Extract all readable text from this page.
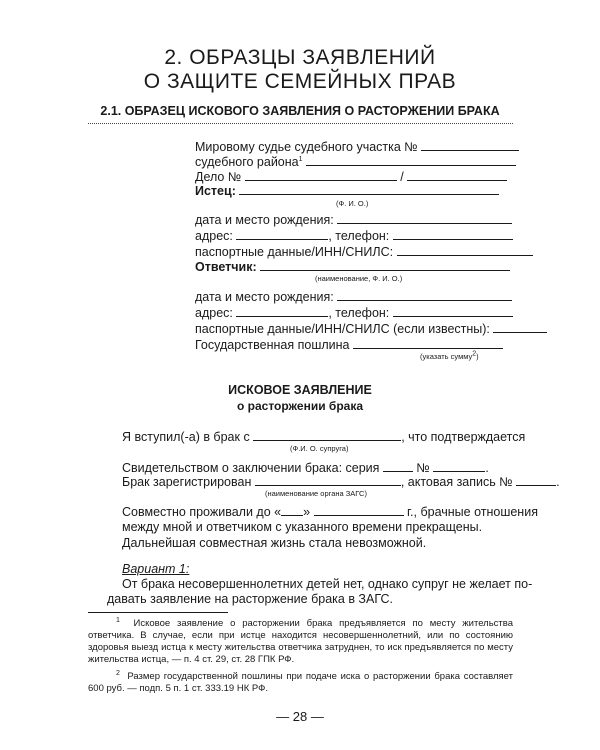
2. ОБРАЗЦЫ ЗАЯВЛЕНИЙ
О ЗАЩИТЕ СЕМЕЙНЫХ ПРАВ
2.1. ОБРАЗЕЦ ИСКОВОГО ЗАЯВЛЕНИЯ О РАСТОРЖЕНИИ БРАКА
Мировому судье судебного участка №
судебного района$^1$
Дело №	/
Истец:
(Ф. И. О.)
дата и место рождения:
адрес:	, телефон:
паспортные данные/ИНН/СНИЛС:
Ответчик:
(наименование, Ф. И. О.)
дата и место рождения:
адрес:	, телефон:
паспортные данные/ИНН/СНИЛС (если известны):
Государственная пошлина
(указать сумму$^2$)
ИСКОВОЕ ЗАЯВЛЕНИЕ
о расторжении брака
Я вступил(-а) в брак с	, что подтверждается
(Ф.И. О. супруга)
Свидетельством о заключении брака: серия	№	.
Брак зарегистрирован	, актовая запись №	.
(наименование органа ЗАГС)
Совместно проживали до « »	г., брачные отношения
между мной и ответчиком с указанного времени прекращены.
Дальнейшая совместная жизнь стала невозможной.
Вариант 1:
От брака несовершеннолетних детей нет, однако супруг не желает по-
давать заявление на расторжение брака в ЗАГС.
$^1$ Исковое заявление о расторжении брака предъявляется по месту жительства ответчика. В случае, если при истце находится несовершеннолетний, или по состоянию здоровья выезд истца к месту жительства ответчика затруднен, то иск предъявляется по месту жительства истца, — п. 4 ст. 29, ст. 28 ГПК РФ.
$^2$ Размер государственной пошлины при подаче иска о расторжении брака составляет 600 руб. — подп. 5 п. 1 ст. 333.19 НК РФ.
— 28 —
